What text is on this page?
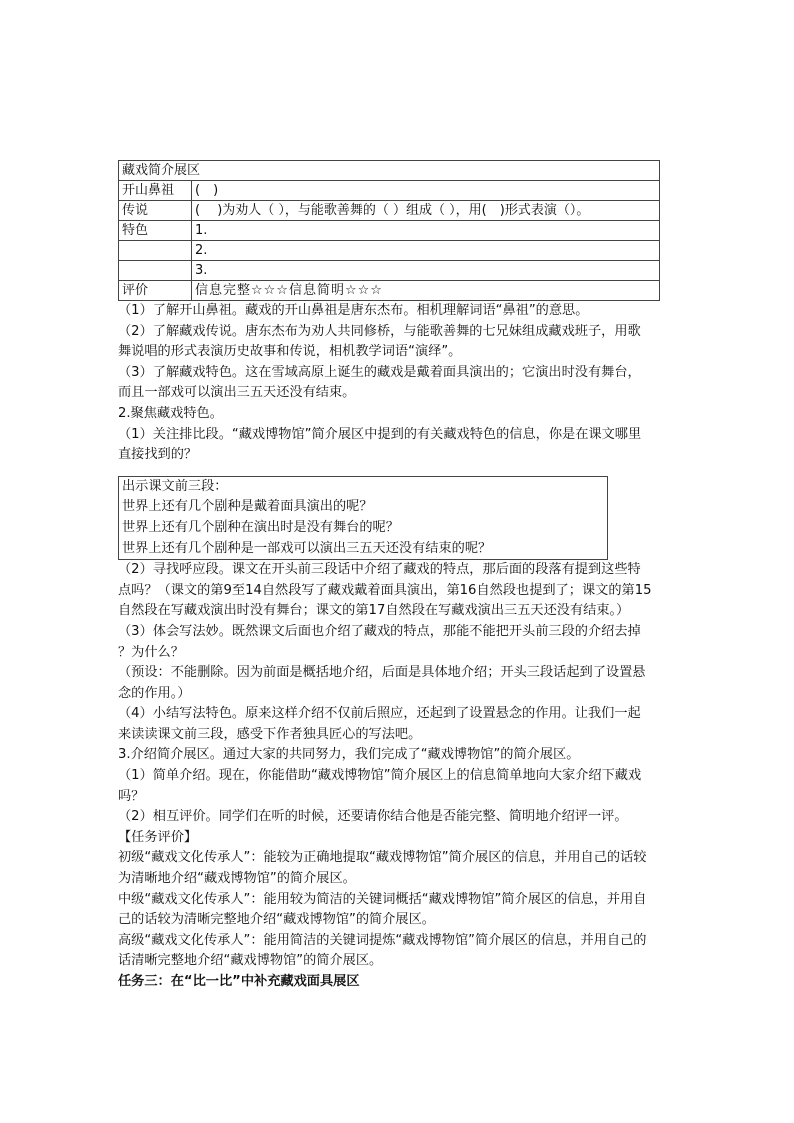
藏戏简介展区	
开山鼻祖	(　)
传说	(　 )为劝人（ ），与能歌善舞的（ ）组成（ ），用(　)形式表演（）。
特色	1.
	2.
	3.
评价	信息完整☆☆☆信息简明☆☆☆

（1）了解开山鼻祖。藏戏的开山鼻祖是唐东杰布。相机理解词语“鼻祖”的意思。

（2）了解藏戏传说。唐东杰布为劝人共同修桥，与能歌善舞的七兄妹组成藏戏班子，用歌

舞说唱的形式表演历史故事和传说，相机教学词语“演绎”。

（3）了解藏戏特色。这在雪域高原上诞生的藏戏是戴着面具演出的；它演出时没有舞台，

而且一部戏可以演出三五天还没有结束。

2.聚焦藏戏特色。

（1）关注排比段。“藏戏博物馆”简介展区中提到的有关藏戏特色的信息，你是在课文哪里

直接找到的？

出示课文前三段：
世界上还有几个剧种是戴着面具演出的呢？
世界上还有几个剧种在演出时是没有舞台的呢？
世界上还有几个剧种是一部戏可以演出三五天还没有结束的呢？

（2）寻找呼应段。课文在开头前三段话中介绍了藏戏的特点，那后面的段落有提到这些特

点吗？（课文的第9至14自然段写了藏戏戴着面具演出，第16自然段也提到了；课文的第15

自然段在写藏戏演出时没有舞台；课文的第17自然段在写藏戏演出三五天还没有结束。）

（3）体会写法妙。既然课文后面也介绍了藏戏的特点，那能不能把开头前三段的介绍去掉

？为什么？

（预设：不能删除。因为前面是概括地介绍，后面是具体地介绍；开头三段话起到了设置悬

念的作用。）

（4）小结写法特色。原来这样介绍不仅前后照应，还起到了设置悬念的作用。让我们一起

来读读课文前三段，感受下作者独具匠心的写法吧。

3.介绍简介展区。通过大家的共同努力，我们完成了“藏戏博物馆”的简介展区。

（1）简单介绍。现在，你能借助“藏戏博物馆”简介展区上的信息简单地向大家介绍下藏戏

吗？

（2）相互评价。同学们在听的时候，还要请你结合他是否能完整、简明地介绍评一评。

【任务评价】

初级“藏戏文化传承人”：能较为正确地提取“藏戏博物馆”简介展区的信息，并用自己的话较

为清晰地介绍“藏戏博物馆”的简介展区。

中级“藏戏文化传承人”：能用较为简洁的关键词概括“藏戏博物馆”简介展区的信息，并用自

己的话较为清晰完整地介绍“藏戏博物馆”的简介展区。

高级“藏戏文化传承人”：能用简洁的关键词提炼“藏戏博物馆”简介展区的信息，并用自己的

话清晰完整地介绍“藏戏博物馆”的简介展区。

任务三：在“比一比”中补充藏戏面具展区
